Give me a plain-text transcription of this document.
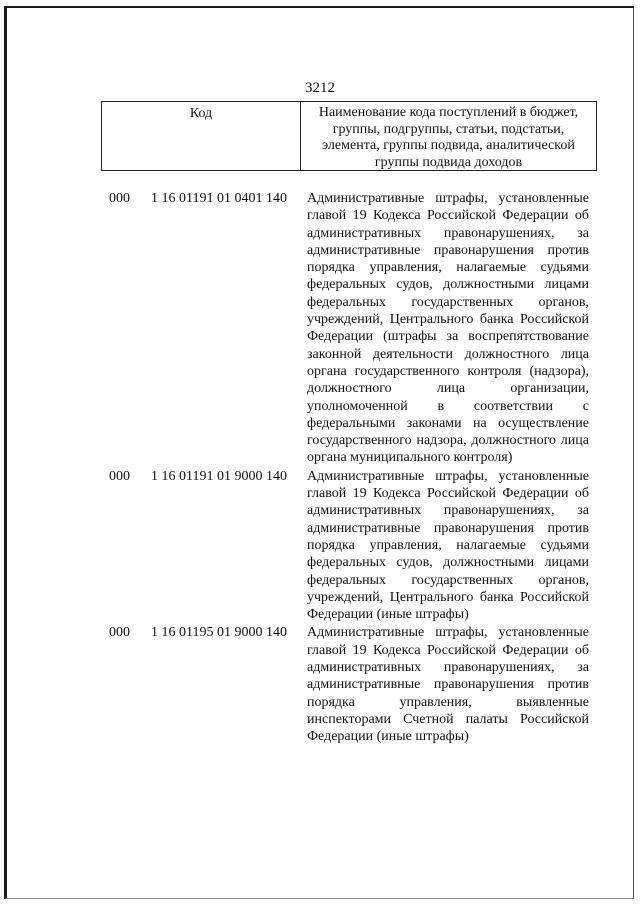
3212
Код	Наименование кода поступлений в бюджет, группы, подгруппы, статьи, подстатьи, элемента, группы подвида, аналитической группы подвида доходов
000	1 16 01191 01 0401 140	Административные штрафы, установленные главой 19 Кодекса Российской Федерации об административных правонарушениях, за административные правонарушения против порядка управления, налагаемые судьями федеральных судов, должностными лицами федеральных государственных органов, учреждений, Центрального банка Российской Федерации (штрафы за воспрепятствование законной деятельности должностного лица органа государственного контроля (надзора), должностного лица организации, уполномоченной в соответствии с федеральными законами на осуществление государственного надзора, должностного лица органа муниципального контроля)
000	1 16 01191 01 9000 140	Административные штрафы, установленные главой 19 Кодекса Российской Федерации об административных правонарушениях, за административные правонарушения против порядка управления, налагаемые судьями федеральных судов, должностными лицами федеральных государственных органов, учреждений, Центрального банка Российской Федерации (иные штрафы)
000	1 16 01195 01 9000 140	Административные штрафы, установленные главой 19 Кодекса Российской Федерации об административных правонарушениях, за административные правонарушения против порядка управления, выявленные инспекторами Счетной палаты Российской Федерации (иные штрафы)
